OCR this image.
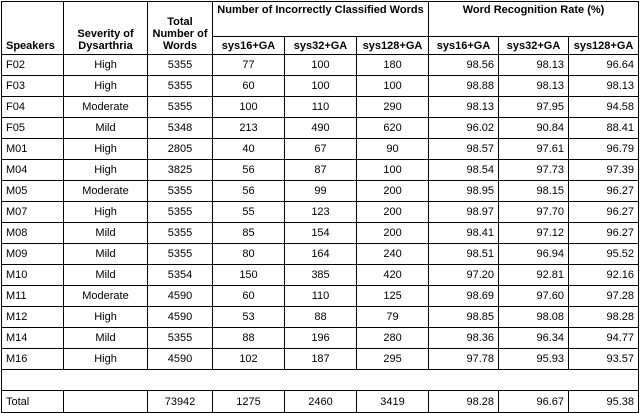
Speakers	Severity of Dysarthria	Total Number of Words	Number of Incorrectly Classified Words			Word Recognition Rate (%)		
			sys16+GA	sys32+GA	sys128+GA	sys16+GA	sys32+GA	sys128+GA
F02	High	5355	77	100	180	98.56	98.13	96.64
F03	High	5355	60	100	100	98.88	98.13	98.13
F04	Moderate	5355	100	110	290	98.13	97.95	94.58
F05	Mild	5348	213	490	620	96.02	90.84	88.41
M01	High	2805	40	67	90	98.57	97.61	96.79
M04	High	3825	56	87	100	98.54	97.73	97.39
M05	Moderate	5355	56	99	200	98.95	98.15	96.27
M07	High	5355	55	123	200	98.97	97.70	96.27
M08	Mild	5355	85	154	200	98.41	97.12	96.27
M09	Mild	5355	80	164	240	98.51	96.94	95.52
M10	Mild	5354	150	385	420	97.20	92.81	92.16
M11	Moderate	4590	60	110	125	98.69	97.60	97.28
M12	High	4590	53	88	79	98.85	98.08	98.28
M14	Mild	5355	88	196	280	98.36	96.34	94.77
M16	High	4590	102	187	295	97.78	95.93	93.57

Total		73942	1275	2460	3419	98.28	96.67	95.38
